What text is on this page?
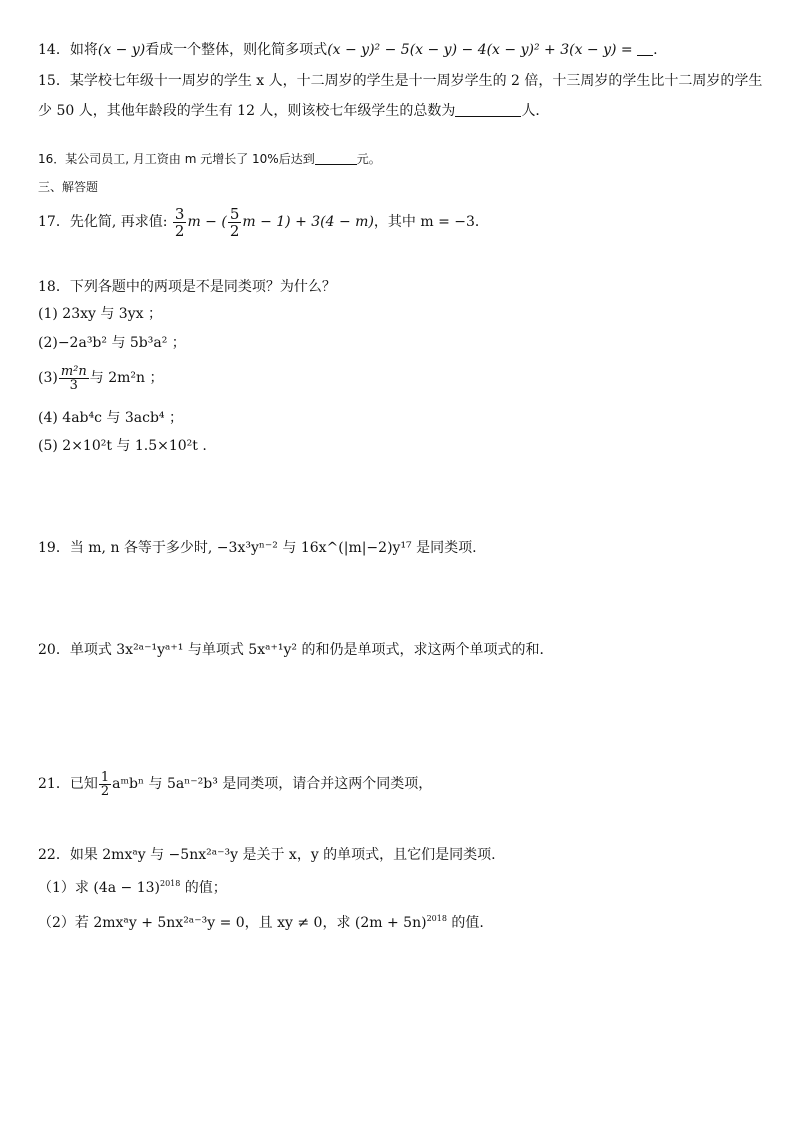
14．如将(x − y)看成一个整体，则化简多项式(x − y)² − 5(x − y) − 4(x − y)² + 3(x − y) = .
15．某学校七年级十一周岁的学生 x 人，十二周岁的学生是十一周岁学生的 2 倍，十三周岁的学生比十二周岁的学生
少 50 人，其他年龄段的学生有 12 人，则该校七年级学生的总数为	人．
16．某公司员工, 月工资由 m 元增长了 10%后达到	元。
三、解答题
17．先化简, 再求值: $\frac{3}{2}$ m − ( $\frac{5}{2}$ m − 1) + 3(4 − m)，其中 m = −3．
18．下列各题中的两项是不是同类项？为什么？
(1) 23xy 与 3yx ；
(2)−2a³b² 与 5b³a² ；
$(3) \frac{\text{m²n}}{3}$ 与 2m²n ；
(4) 4ab⁴c 与 3acb⁴ ；
(5) 2×10²t 与 1.5×10²t .
19．当 m, n 各等于多少时, −3x³yⁿ⁻² 与 16x^(|m|−2)y¹⁷ 是同类项.
20．单项式 3x²ᵃ⁻¹yᵃ⁺¹ 与单项式 5xᵃ⁺¹y² 的和仍是单项式，求这两个单项式的和．
21．已知 $\frac{1}{2}$ aᵐbⁿ 与 5aⁿ⁻²b³ 是同类项，请合并这两个同类项，
22．如果 2mxᵃy 与 −5nx²ᵃ⁻³y 是关于 x，y 的单项式，且它们是同类项.
（1）求 $(4a - 13)^{2018}$ 的值；
（2）若 2mxᵃy + 5nx²ᵃ⁻³y = 0，且 xy ≠ 0，求 $(2m + 5n)^{2018}$ 的值.
